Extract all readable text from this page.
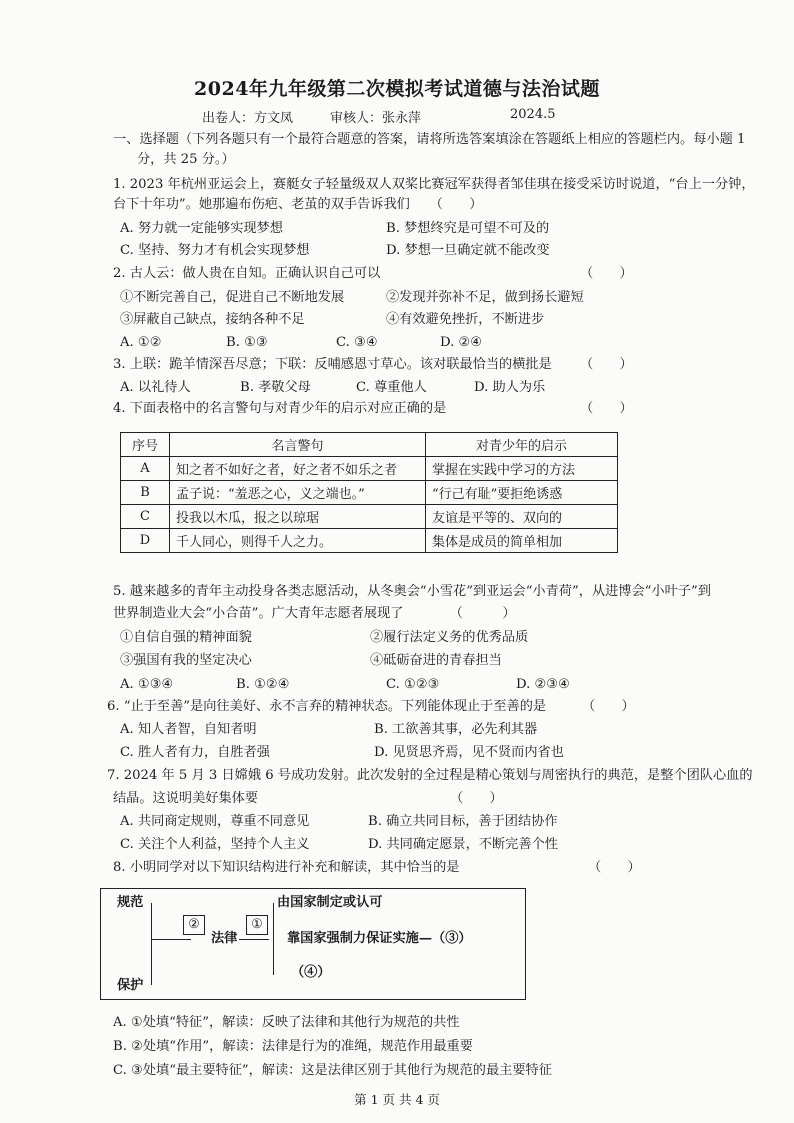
2024年九年级第二次模拟考试道德与法治试题
出卷人：方文凤	审核人：张永萍	2024.5
一、选择题（下列各题只有一个最符合题意的答案，请将所选答案填涂在答题纸上相应的答题栏内。每小题 1
分，共 25 分。）
1. 2023 年杭州亚运会上，赛艇女子轻量级双人双桨比赛冠军获得者邹佳琪在接受采访时说道，“台上一分钟，
台下十年功”。她那遍布伤疤、老茧的双手告诉我们　　（　　）
A. 努力就一定能够实现梦想	B. 梦想终究是可望不可及的
C. 坚持、努力才有机会实现梦想	D. 梦想一旦确定就不能改变
2. 古人云：做人贵在自知。正确认识自己可以	（　　）
①不断完善自己，促进自己不断地发展	②发现并弥补不足，做到扬长避短
③屏蔽自己缺点，接纳各种不足	④有效避免挫折，不断进步
A. ①②	B. ①③	C. ③④	D. ②④
3. 上联：跪羊情深吾尽意；下联：反哺感恩寸草心。该对联最恰当的横批是 （　　）
A. 以礼待人	B. 孝敬父母	C. 尊重他人	D. 助人为乐
4. 下面表格中的名言警句与对青少年的启示对应正确的是	（　　）
序号	名言警句	对青少年的启示
A	知之者不如好之者，好之者不如乐之者	掌握在实践中学习的方法
B	孟子说：“羞恶之心，义之端也。”	“行己有耻”要拒绝诱惑
C	投我以木瓜，报之以琼琚	友谊是平等的、双向的
D	千人同心，则得千人之力。	集体是成员的简单相加
5. 越来越多的青年主动投身各类志愿活动，从冬奥会“小雪花”到亚运会“小青荷”，从进博会“小叶子”到
世界制造业大会“小合苗”。广大青年志愿者展现了　　　　（　　　）
①自信自强的精神面貌	②履行法定义务的优秀品质
③强国有我的坚定决心	④砥砺奋进的青春担当
A. ①③④	B. ①②④	C. ①②③	D. ②③④
6. “止于至善”是向往美好、永不言弃的精神状态。下列能体现止于至善的是	（　　）
A. 知人者智，自知者明	B. 工欲善其事，必先利其器
C. 胜人者有力，自胜者强	D. 见贤思齐焉，见不贤而内省也
7. 2024 年 5 月 3 日嫦娥 6 号成功发射。此次发射的全过程是精心策划与周密执行的典范，是整个团队心血的
结晶。这说明美好集体要	（　　）
A. 共同商定规则，尊重不同意见	B. 确立共同目标，善于团结协作
C. 关注个人利益，坚持个人主义	D. 共同确定愿景，不断完善个性
8. 小明同学对以下知识结构进行补充和解读，其中恰当的是	（　　）
规范
保护
②
法律
①
由国家制定或认可
靠国家强制力保证实施—（③）
（④）
A. ①处填“特征”，解读：反映了法律和其他行为规范的共性
B. ②处填“作用”，解读：法律是行为的准绳，规范作用最重要
C. ③处填“最主要特征”，解读：这是法律区别于其他行为规范的最主要特征
第 1 页 共 4 页
